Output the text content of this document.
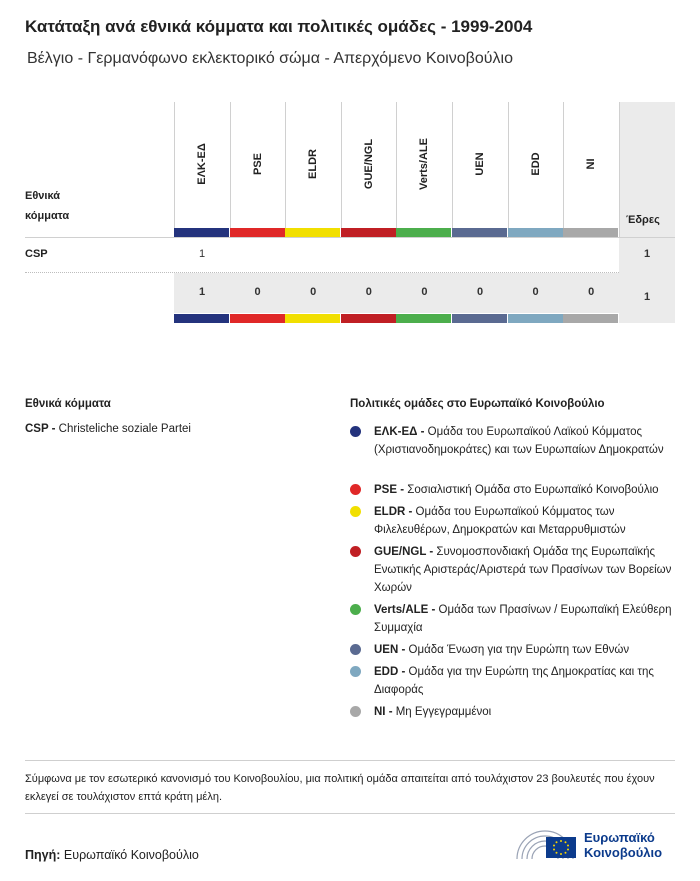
Κατάταξη ανά εθνικά κόμματα και πολιτικές ομάδες - 1999-2004
Βέλγιο - Γερμανόφωνο εκλεκτορικό σώμα - Απερχόμενο Κοινοβούλιο
Εθνικά
κόμματα	Έδρες
ΕΛΚ-ΕΔ
1
1
PSE
0
ELDR
0
GUE/NGL
0
Verts/ALE
0
UEN
0
EDD
0
NI
0
CSP	1
1
Εθνικά κόμματα
CSP - Christeliche soziale Partei
Πολιτικές ομάδες στο Ευρωπαϊκό Κοινοβούλιο
ΕΛΚ-ΕΔ - Ομάδα του Ευρωπαϊκού Λαϊκού Κόμματος (Χριστιανοδημοκράτες) και των Ευρωπαίων Δημοκρατών
PSE - Σοσιαλιστική Ομάδα στο Ευρωπαϊκό Κοινοβούλιο
ELDR - Ομάδα του Ευρωπαϊκού Κόμματος των Φιλελευθέρων, Δημοκρατών και Μεταρρυθμιστών
GUE/NGL - Συνομοσπονδιακή Ομάδα της Ευρωπαϊκής Ενωτικής Αριστεράς/Αριστερά των Πρασίνων των Βορείων Χωρών
Verts/ALE - Ομάδα των Πρασίνων / Ευρωπαϊκή Ελεύθερη Συμμαχία
UEN - Ομάδα Ένωση για την Ευρώπη των Εθνών
EDD - Ομάδα για την Ευρώπη της Δημοκρατίας και της Διαφοράς
NI - Μη Εγγεγραμμένοι
Σύμφωνα με τον εσωτερικό κανονισμό του Κοινοβουλίου, μια πολιτική ομάδα απαιτείται από τουλάχιστον 23 βουλευτές που έχουν εκλεγεί σε τουλάχιστον επτά κράτη μέλη.
Πηγή: Ευρωπαϊκό Κοινοβούλιο
Ευρωπαϊκό
Κοινοβούλιο
